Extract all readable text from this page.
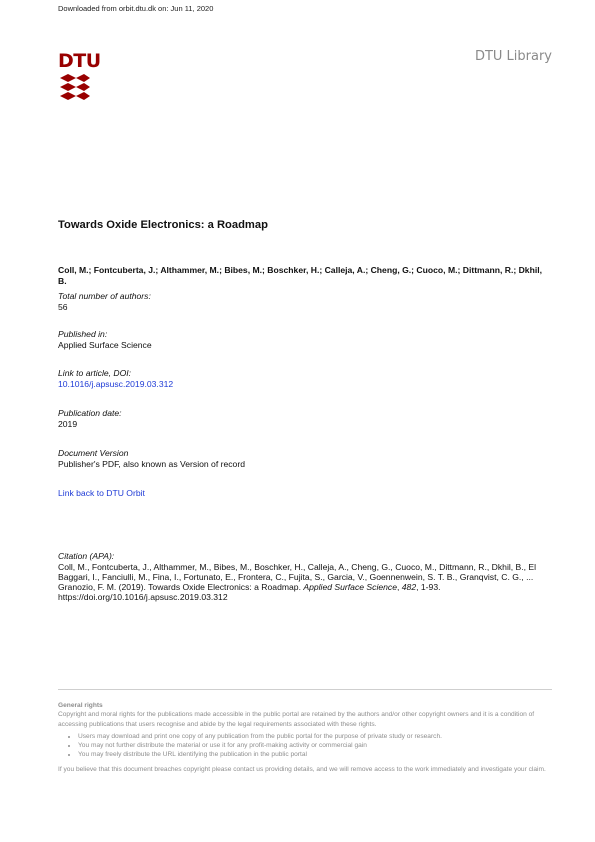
Downloaded from orbit.dtu.dk on: Jun 11, 2020
DTU	DTU Library
Towards Oxide Electronics: a Roadmap
Coll, M.; Fontcuberta, J.; Althammer, M.; Bibes, M.; Boschker, H.; Calleja, A.; Cheng, G.; Cuoco, M.; Dittmann, R.; Dkhil, B.
Total number of authors:
56
Published in:
Applied Surface Science
Link to article, DOI:
10.1016/j.apsusc.2019.03.312
Publication date:
2019
Document Version
Publisher's PDF, also known as Version of record
Link back to DTU Orbit
Citation (APA):
Coll, M., Fontcuberta, J., Althammer, M., Bibes, M., Boschker, H., Calleja, A., Cheng, G., Cuoco, M., Dittmann, R., Dkhil, B., El Baggari, I., Fanciulli, M., Fina, I., Fortunato, E., Frontera, C., Fujita, S., Garcia, V., Goennenwein, S. T. B., Granqvist, C. G., ... Granozio, F. M. (2019). Towards Oxide Electronics: a Roadmap. Applied Surface Science, 482, 1-93. https://doi.org/10.1016/j.apsusc.2019.03.312
General rights
Copyright and moral rights for the publications made accessible in the public portal are retained by the authors and/or other copyright owners and it is a condition of accessing publications that users recognise and abide by the legal requirements associated with these rights.
• Users may download and print one copy of any publication from the public portal for the purpose of private study or research.
• You may not further distribute the material or use it for any profit-making activity or commercial gain
• You may freely distribute the URL identifying the publication in the public portal
If you believe that this document breaches copyright please contact us providing details, and we will remove access to the work immediately and investigate your claim.
